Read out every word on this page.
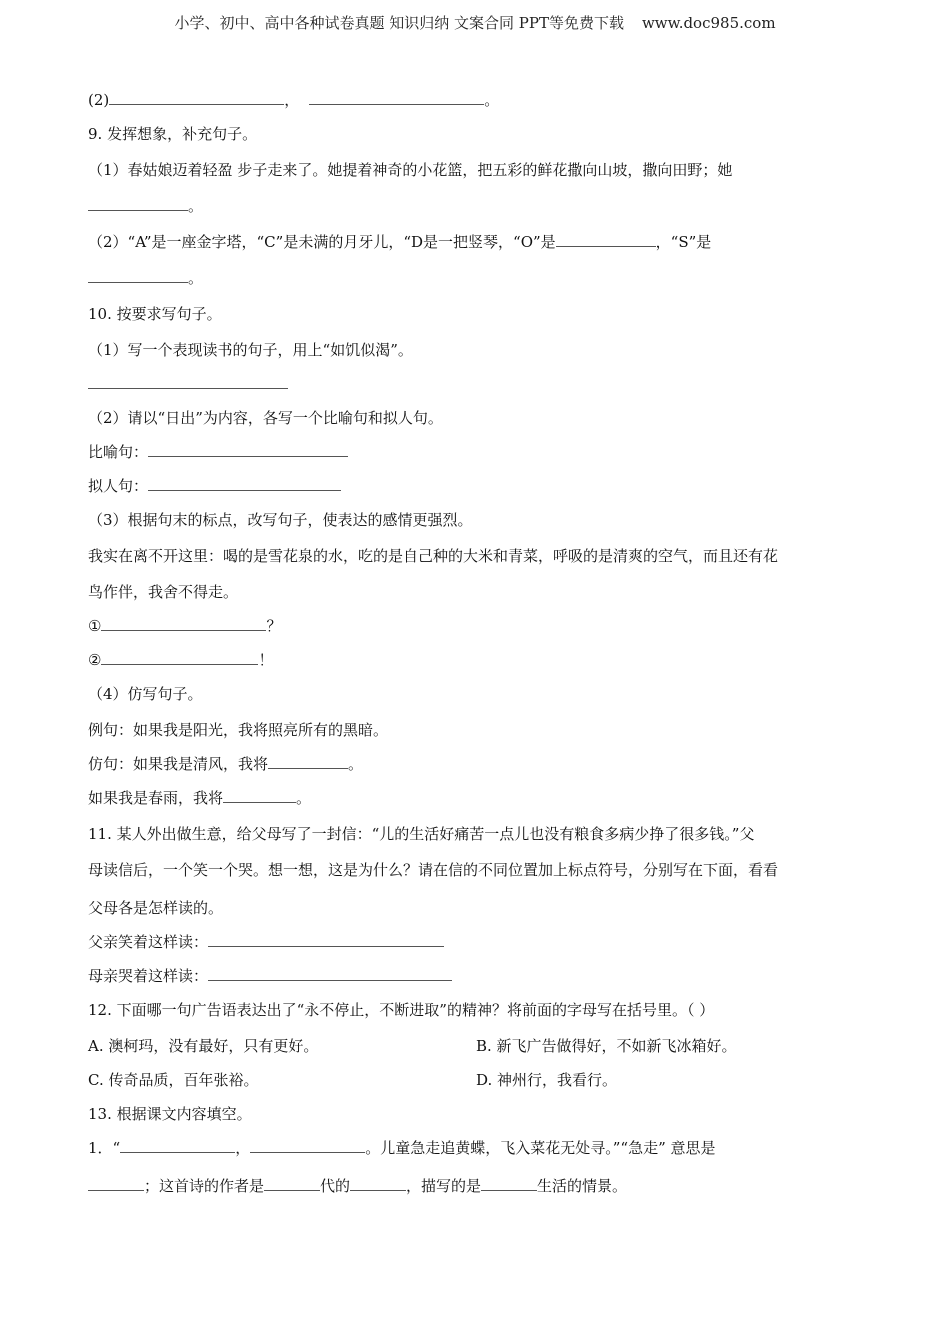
小学、初中、高中各种试卷真题 知识归纳 文案合同 PPT等免费下载 www.doc985.com
(2)	，	。
9. 发挥想象，补充句子。
（1）春姑娘迈着轻盈 步子走来了。她提着神奇的小花篮，把五彩的鲜花撒向山坡，撒向田野；她
。
（2）“A”是一座金字塔，“C”是未满的月牙儿，“D是一把竖琴，“O”是	，“S”是
。
10. 按要求写句子。
（1）写一个表现读书的句子，用上“如饥似渴”。
（2）请以“日出”为内容，各写一个比喻句和拟人句。
比喻句：
拟人句：
（3）根据句末的标点，改写句子，使表达的感情更强烈。
我实在离不开这里：喝的是雪花泉的水，吃的是自己种的大米和青菜，呼吸的是清爽的空气，而且还有花
鸟作伴，我舍不得走。
①	？
②	！
（4）仿写句子。
例句：如果我是阳光，我将照亮所有的黑暗。
仿句：如果我是清风，我将	。
如果我是春雨，我将	。
11. 某人外出做生意，给父母写了一封信：“儿的生活好痛苦一点儿也没有粮食多病少挣了很多钱。”父
母读信后，一个笑一个哭。想一想，这是为什么？请在信的不同位置加上标点符号，分别写在下面，看看
父母各是怎样读的。
父亲笑着这样读：
母亲哭着这样读：
12. 下面哪一句广告语表达出了“永不停止，不断进取”的精神？将前面的字母写在括号里。（ ）
A. 澳柯玛，没有最好，只有更好。	B. 新飞广告做得好，不如新飞冰箱好。
C. 传奇品质，百年张裕。	D. 神州行，我看行。
13. 根据课文内容填空。
1．“	，	。儿童急走追黄蝶，飞入菜花无处寻。”“急走” 意思是
；这首诗的作者是	代的	，描写的是	生活的情景。
